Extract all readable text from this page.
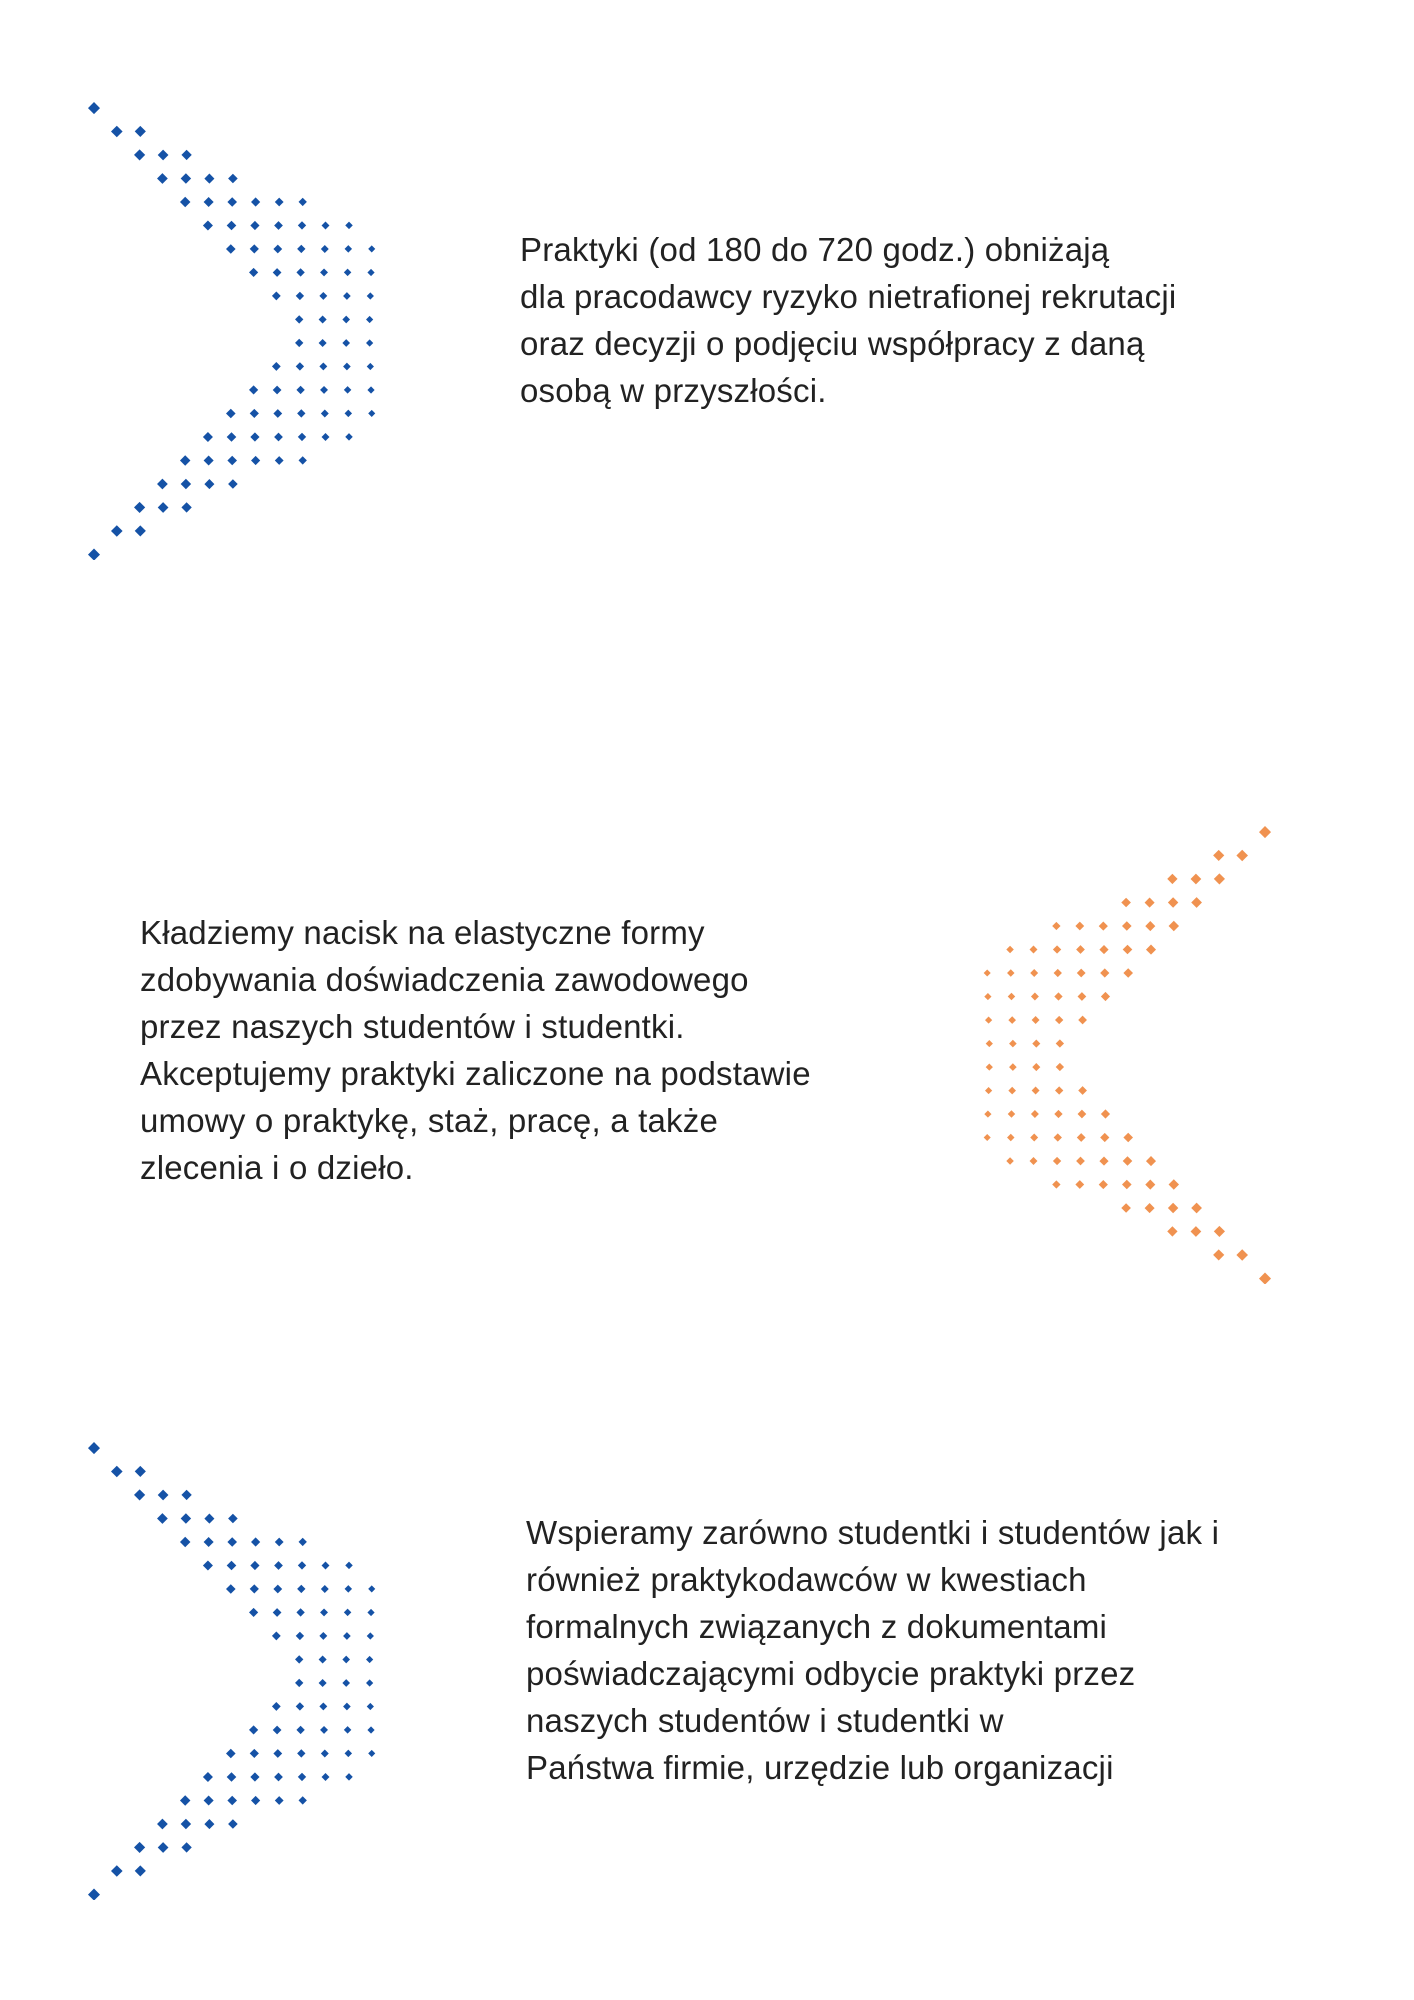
Praktyki (od 180 do 720 godz.) obniżają
dla pracodawcy ryzyko nietrafionej rekrutacji
oraz decyzji o podjęciu współpracy z daną
osobą w przyszłości.
Kładziemy nacisk na elastyczne formy
zdobywania doświadczenia zawodowego
przez naszych studentów i studentki.
Akceptujemy praktyki zaliczone na podstawie
umowy o praktykę, staż, pracę, a także
zlecenia i o dzieło.
Wspieramy zarówno studentki i studentów jak i
również praktykodawców w kwestiach
formalnych związanych z dokumentami
poświadczającymi odbycie praktyki przez
naszych studentów i studentki w
Państwa firmie, urzędzie lub organizacji
